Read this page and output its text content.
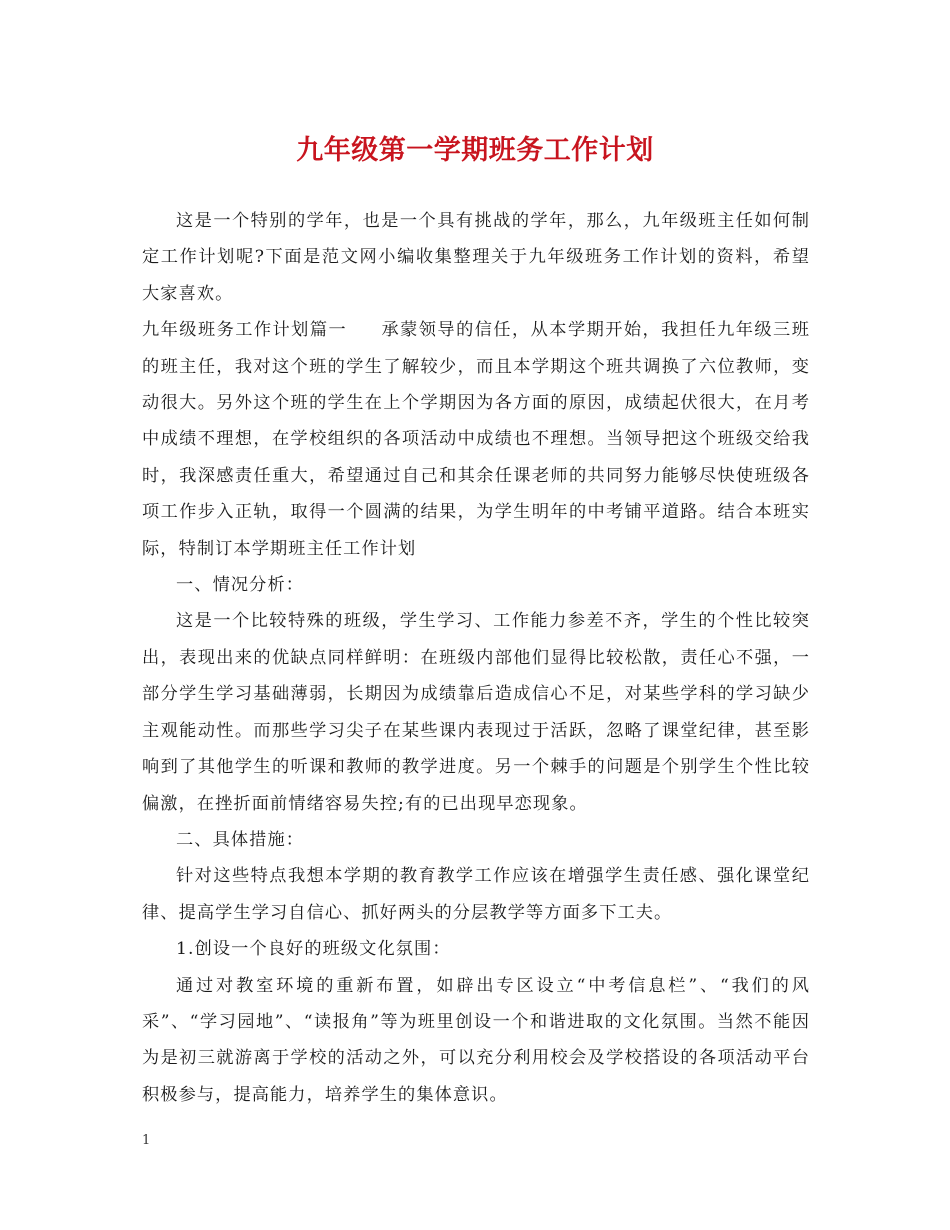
九年级第一学期班务工作计划

这是一个特别的学年，也是一个具有挑战的学年，那么，九年级班主任如何制定工作计划呢?下面是范文网小编收集整理关于九年级班务工作计划的资料，希望大家喜欢。

九年级班务工作计划篇一 承蒙领导的信任，从本学期开始，我担任九年级三班的班主任，我对这个班的学生了解较少，而且本学期这个班共调换了六位教师，变动很大。另外这个班的学生在上个学期因为各方面的原因，成绩起伏很大，在月考中成绩不理想，在学校组织的各项活动中成绩也不理想。当领导把这个班级交给我时，我深感责任重大，希望通过自己和其余任课老师的共同努力能够尽快使班级各项工作步入正轨，取得一个圆满的结果，为学生明年的中考铺平道路。结合本班实际，特制订本学期班主任工作计划

一、情况分析：

这是一个比较特殊的班级，学生学习、工作能力参差不齐，学生的个性比较突出，表现出来的优缺点同样鲜明：在班级内部他们显得比较松散，责任心不强，一部分学生学习基础薄弱，长期因为成绩靠后造成信心不足，对某些学科的学习缺少主观能动性。而那些学习尖子在某些课内表现过于活跃，忽略了课堂纪律，甚至影响到了其他学生的听课和教师的教学进度。另一个棘手的问题是个别学生个性比较偏激，在挫折面前情绪容易失控;有的已出现早恋现象。

二、具体措施：

针对这些特点我想本学期的教育教学工作应该在增强学生责任感、强化课堂纪律、提高学生学习自信心、抓好两头的分层教学等方面多下工夫。

1.创设一个良好的班级文化氛围：

通过对教室环境的重新布置，如辟出专区设立“中考信息栏”、“我们的风采”、“学习园地”、“读报角”等为班里创设一个和谐进取的文化氛围。当然不能因为是初三就游离于学校的活动之外，可以充分利用校会及学校搭设的各项活动平台积极参与，提高能力，培养学生的集体意识。

1
